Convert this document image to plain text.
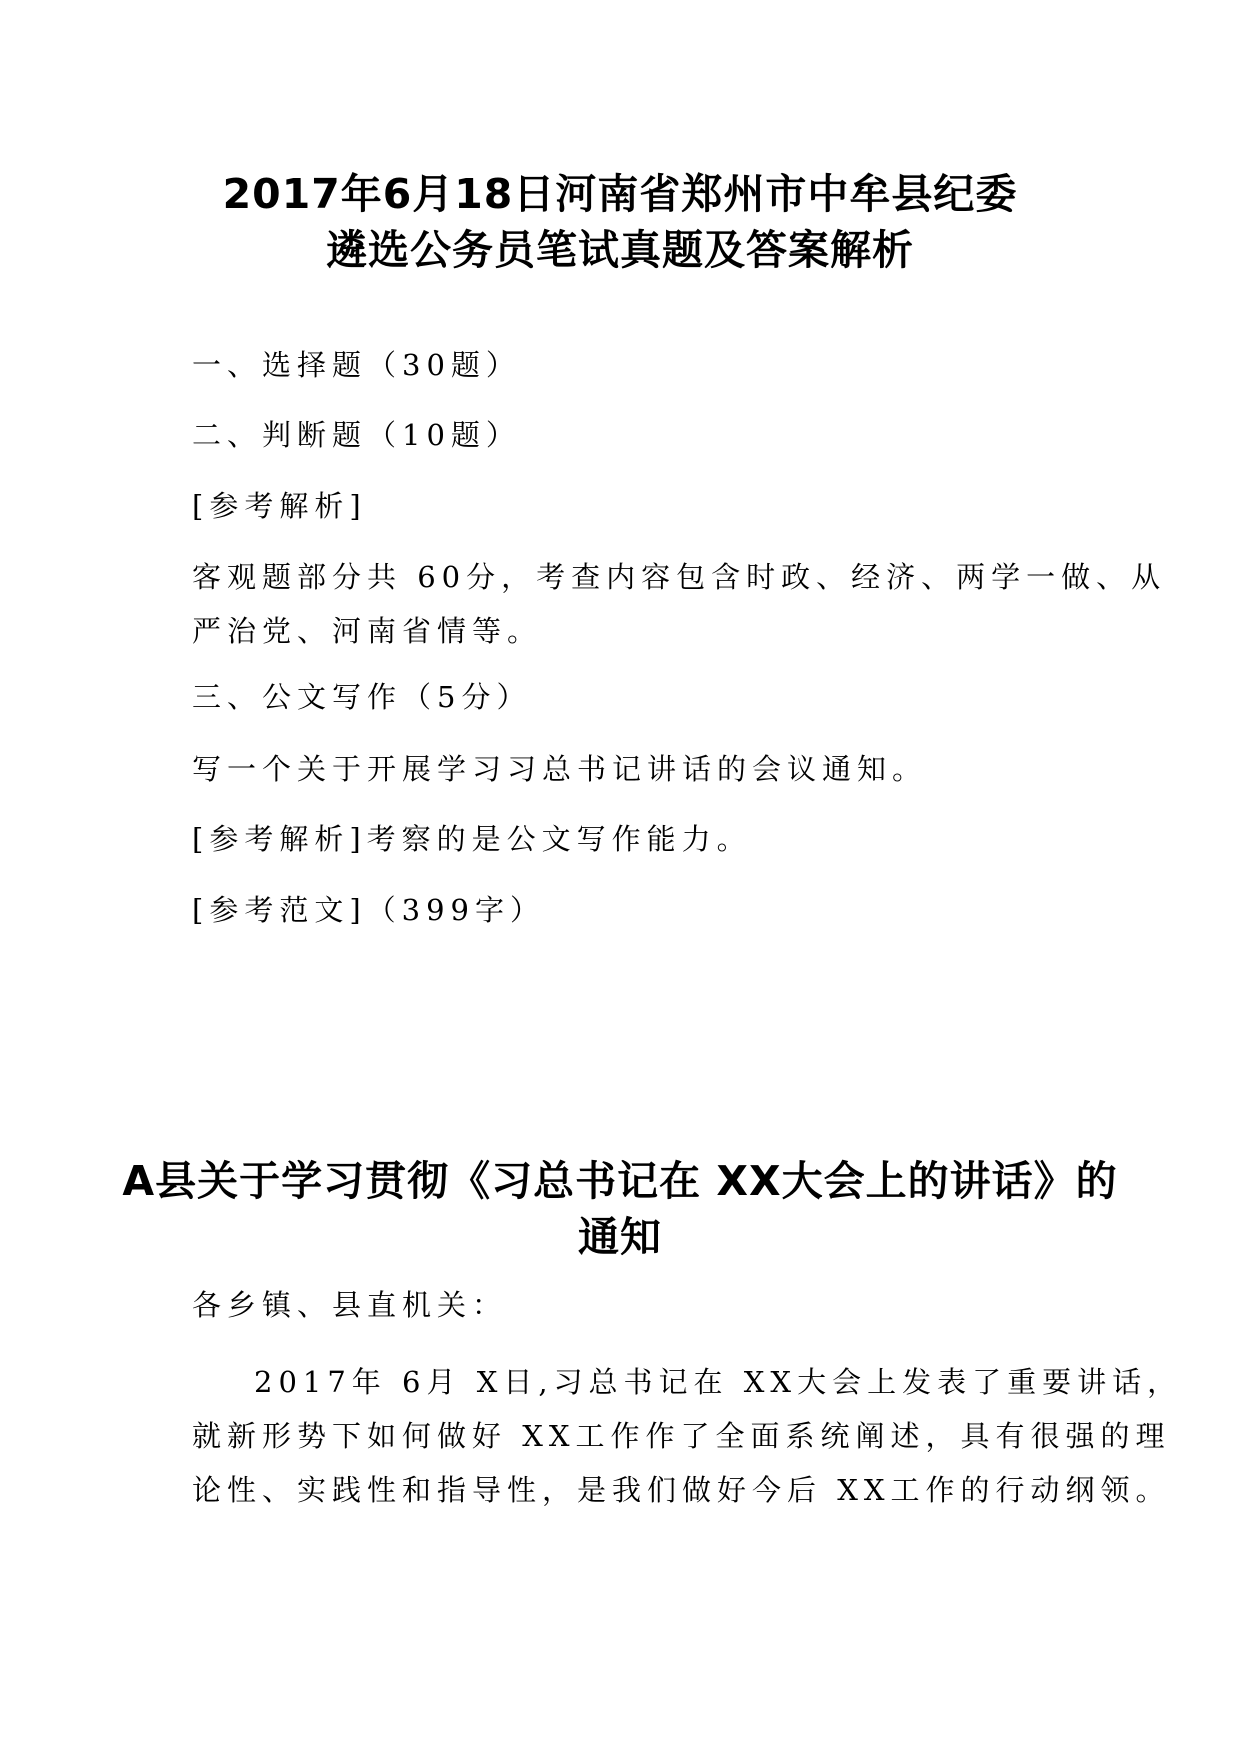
2017年6月18日河南省郑州市中牟县纪委
遴选公务员笔试真题及答案解析
一、选择题（30题）
二、判断题（10题）
[参考解析]
客观题部分共 60分，考查内容包含时政、经济、两学一做、从
严治党、河南省情等。
三、公文写作（5分）
写一个关于开展学习习总书记讲话的会议通知。
[参考解析]考察的是公文写作能力。
[参考范文]（399字）
A县关于学习贯彻《习总书记在 XX大会上的讲话》的
通知
各乡镇、县直机关：
2017年 6月 X日,习总书记在 XX大会上发表了重要讲话，
就新形势下如何做好 XX工作作了全面系统阐述，具有很强的理
论性、实践性和指导性，是我们做好今后 XX工作的行动纲领。
